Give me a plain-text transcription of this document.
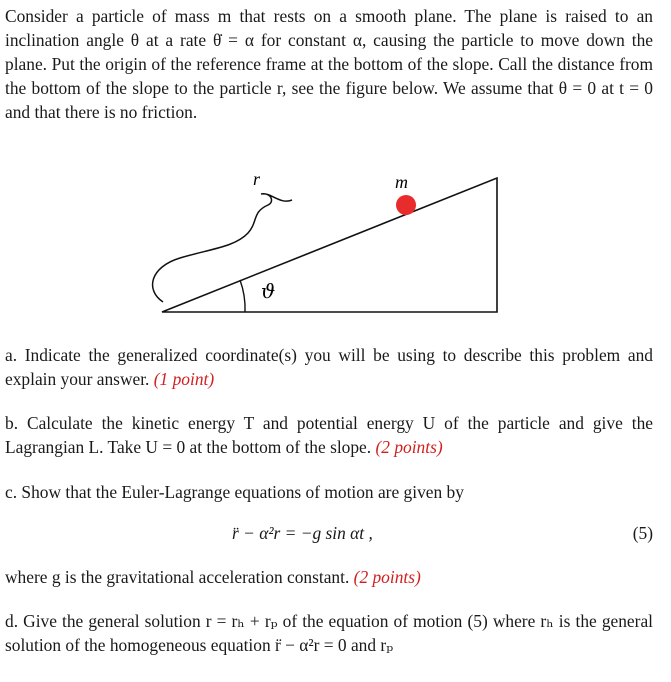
Consider a particle of mass m that rests on a smooth plane. The plane is raised to an inclination angle θ at a rate θ̇ = α for constant α, causing the particle to move down the plane. Put the origin of the reference frame at the bottom of the slope. Call the distance from the bottom of the slope to the particle r, see the figure below. We assume that θ = 0 at t = 0 and that there is no friction.

r	m
ϑ

a. Indicate the generalized coordinate(s) you will be using to describe this problem and explain your answer. (1 point)

b. Calculate the kinetic energy T and potential energy U of the particle and give the Lagrangian L. Take U = 0 at the bottom of the slope. (2 points)

c. Show that the Euler-Lagrange equations of motion are given by

r̈ − α²r = −g sin αt ,	(5)

where g is the gravitational acceleration constant. (2 points)

d. Give the general solution r = rₕ + rₚ of the equation of motion (5) where rₕ is the general solution of the homogeneous equation r̈ − α²r = 0 and rₚ
